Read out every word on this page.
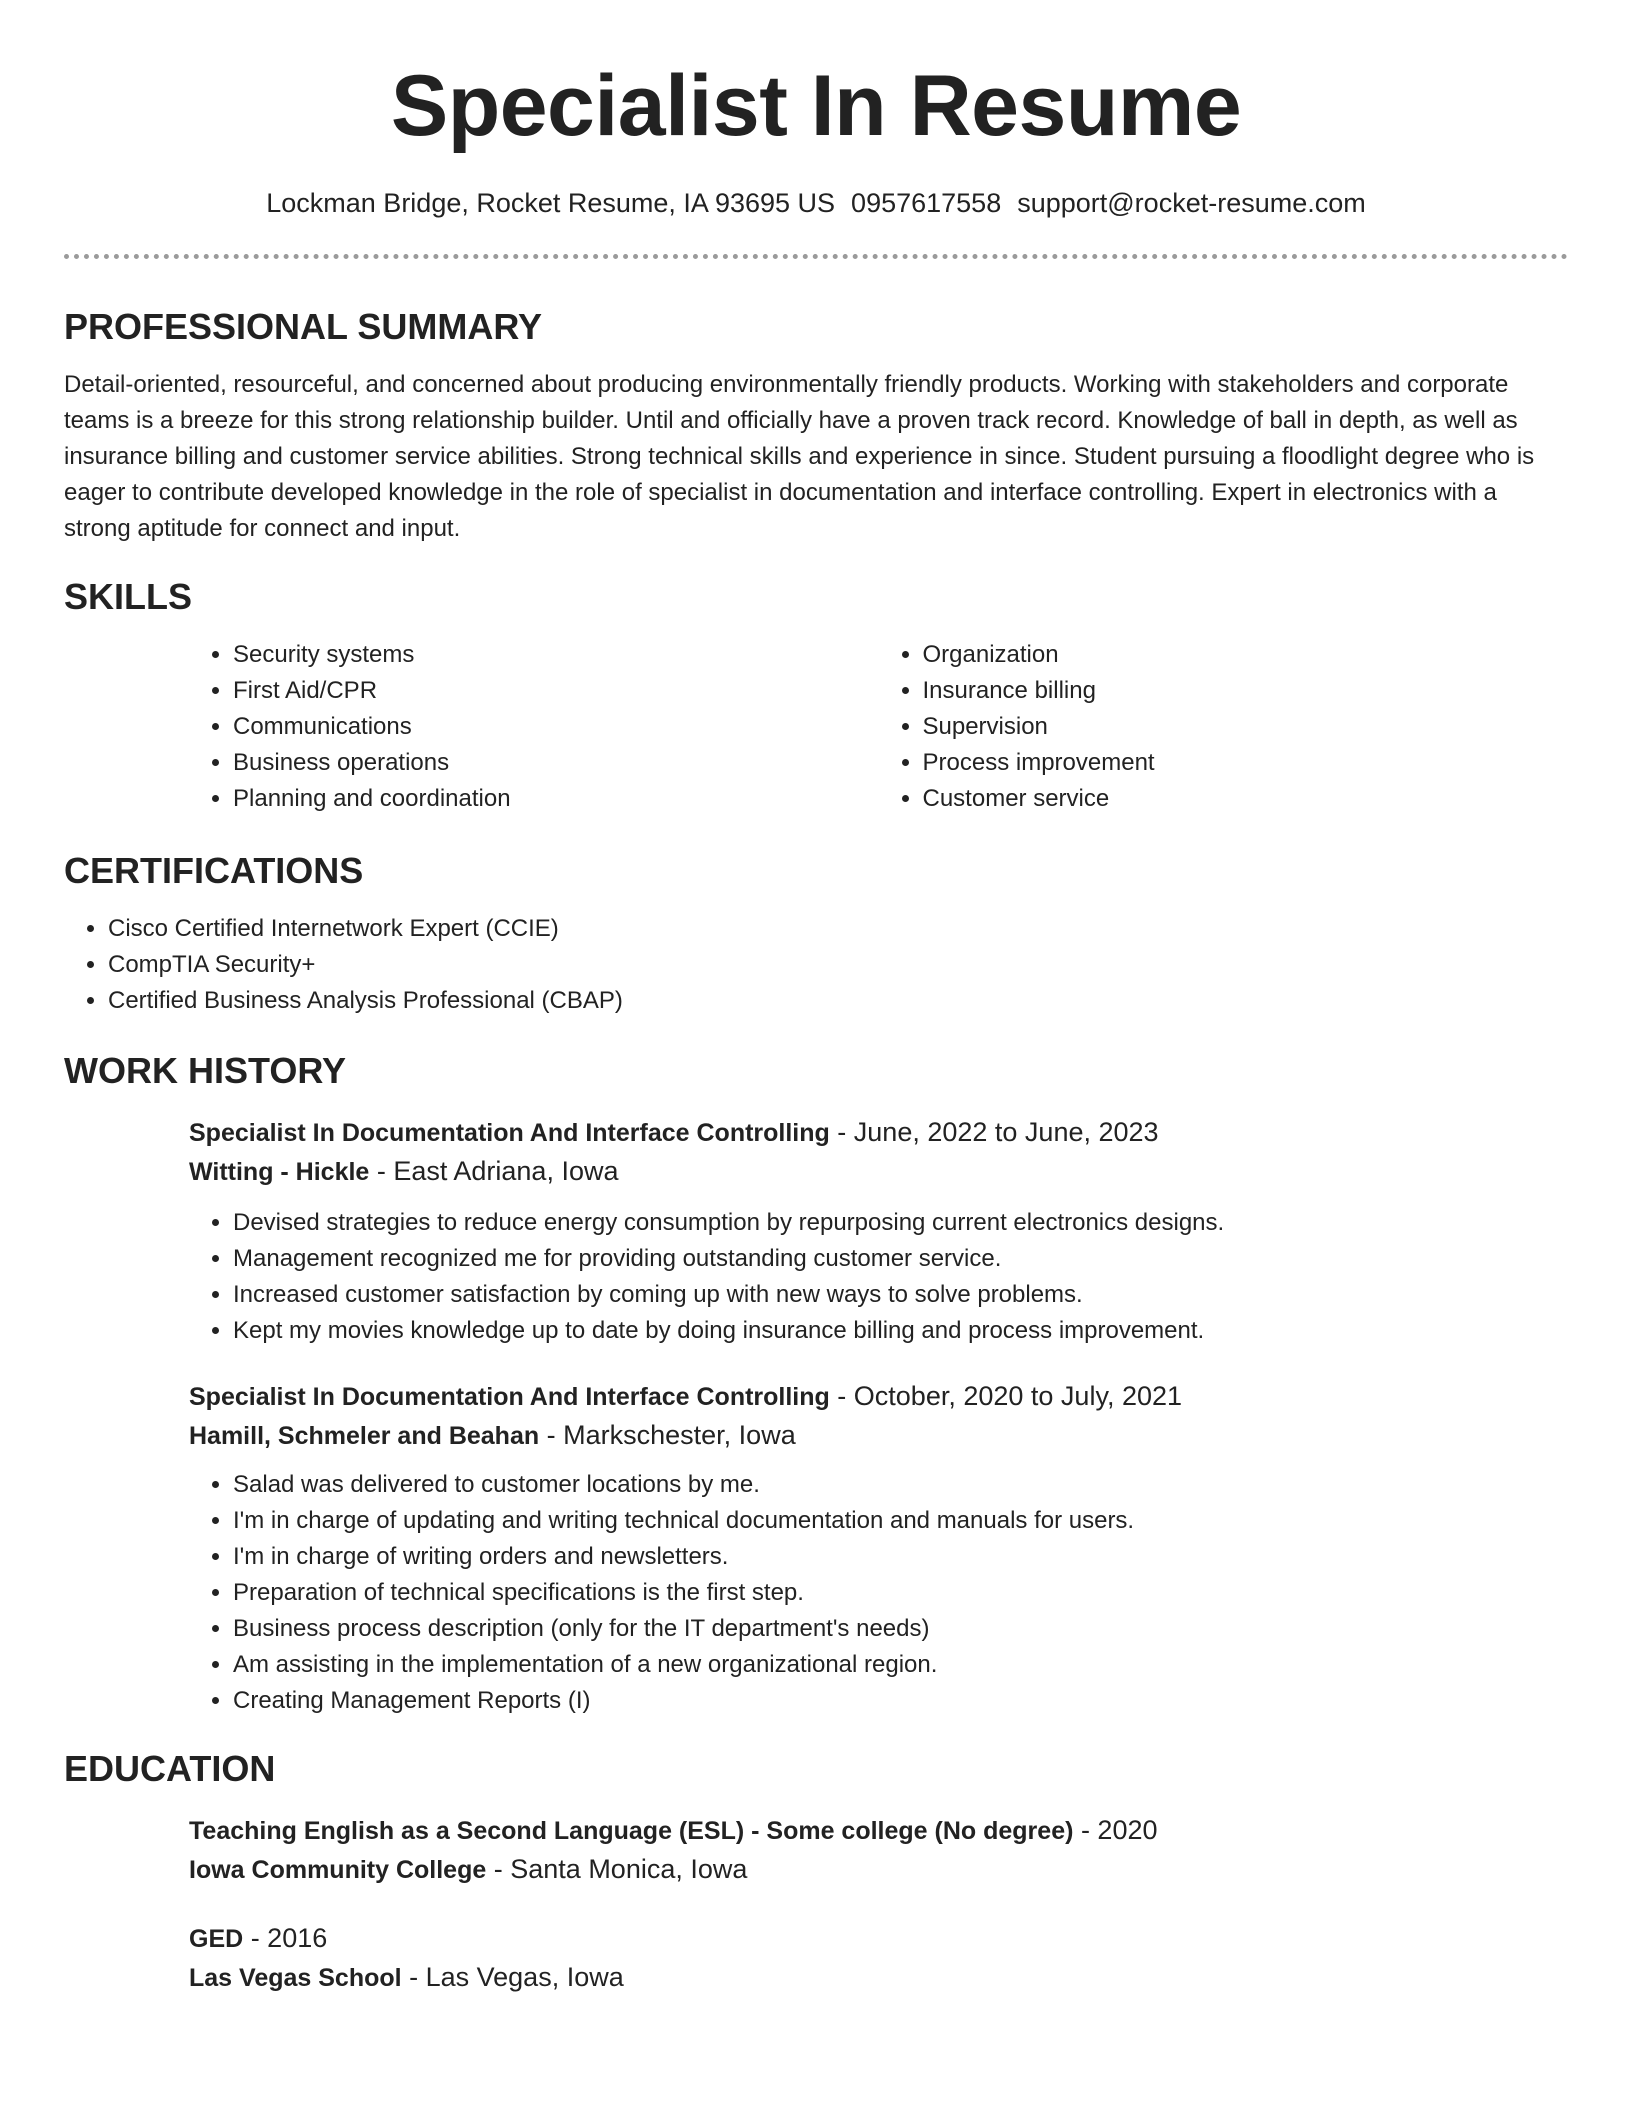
Specialist In Resume
Lockman Bridge, Rocket Resume, IA 93695 US 0957617558 support@rocket-resume.com
PROFESSIONAL SUMMARY

Detail-oriented, resourceful, and concerned about producing environmentally friendly products. Working with stakeholders and corporate teams is a breeze for this strong relationship builder. Until and officially have a proven track record. Knowledge of ball in depth, as well as insurance billing and customer service abilities. Strong technical skills and experience in since. Student pursuing a floodlight degree who is eager to contribute developed knowledge in the role of specialist in documentation and interface controlling. Expert in electronics with a strong aptitude for connect and input.

SKILLS
• Security systems
• First Aid/CPR
• Communications
• Business operations
• Planning and coordination
• Organization
• Insurance billing
• Supervision
• Process improvement
• Customer service
CERTIFICATIONS
• Cisco Certified Internetwork Expert (CCIE)
• CompTIA Security+
• Certified Business Analysis Professional (CBAP)
WORK HISTORY
Specialist In Documentation And Interface Controlling - June, 2022 to June, 2023
Witting - Hickle - East Adriana, Iowa
• Devised strategies to reduce energy consumption by repurposing current electronics designs.
• Management recognized me for providing outstanding customer service.
• Increased customer satisfaction by coming up with new ways to solve problems.
• Kept my movies knowledge up to date by doing insurance billing and process improvement.
Specialist In Documentation And Interface Controlling - October, 2020 to July, 2021
Hamill, Schmeler and Beahan - Markschester, Iowa
• Salad was delivered to customer locations by me.
• I'm in charge of updating and writing technical documentation and manuals for users.
• I'm in charge of writing orders and newsletters.
• Preparation of technical specifications is the first step.
• Business process description (only for the IT department's needs)
• Am assisting in the implementation of a new organizational region.
• Creating Management Reports (I)
EDUCATION
Teaching English as a Second Language (ESL) - Some college (No degree) - 2020
Iowa Community College - Santa Monica, Iowa
GED - 2016
Las Vegas School - Las Vegas, Iowa
